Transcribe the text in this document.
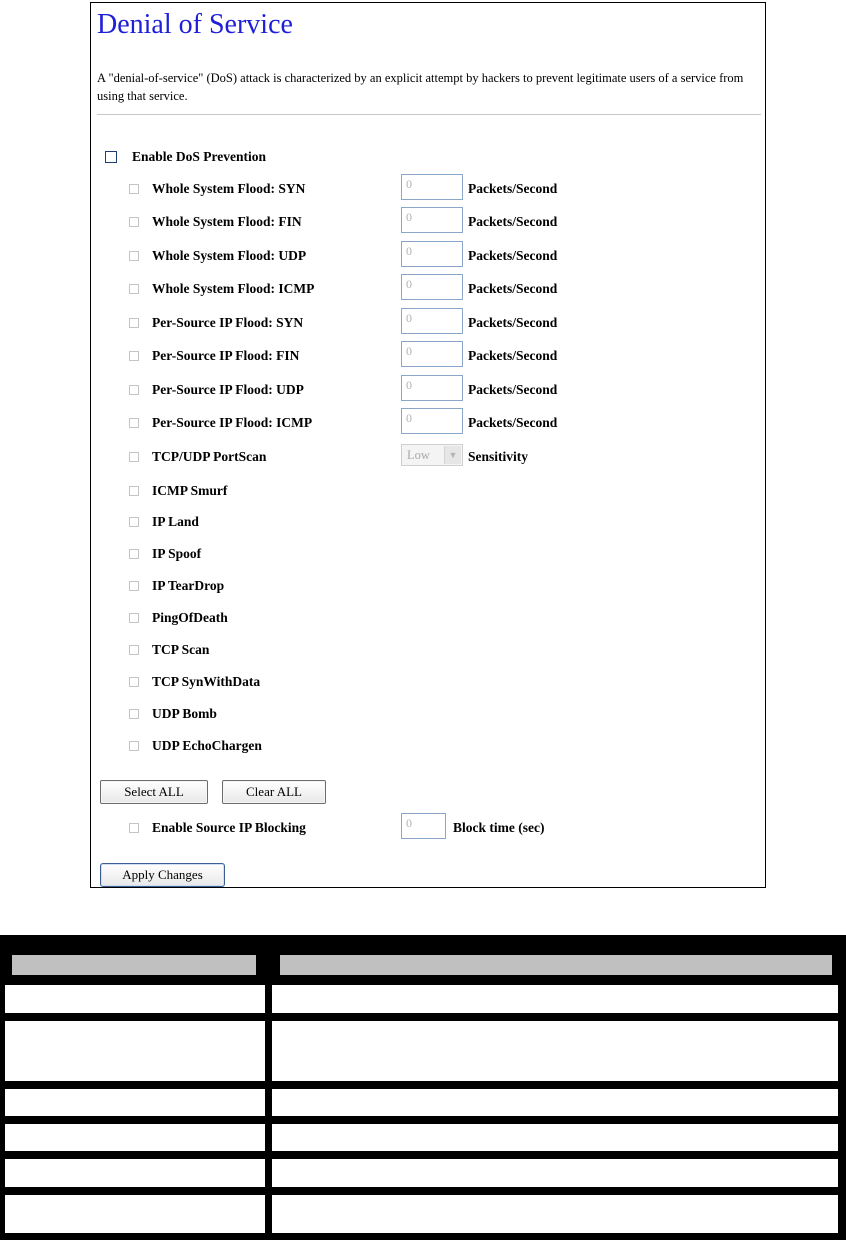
Denial of Service

A "denial-of-service" (DoS) attack is characterized by an explicit attempt by hackers to prevent legitimate users of a service from using that service.

Enable DoS Prevention
Whole System Flood: SYN	0	Packets/Second
Whole System Flood: FIN	0	Packets/Second
Whole System Flood: UDP	0	Packets/Second
Whole System Flood: ICMP	0	Packets/Second
Per-Source IP Flood: SYN	0	Packets/Second
Per-Source IP Flood: FIN	0	Packets/Second
Per-Source IP Flood: UDP	0	Packets/Second
Per-Source IP Flood: ICMP	0	Packets/Second
TCP/UDP PortScan	Low	▼ Sensitivity
ICMP Smurf
IP Land
IP Spoof
IP TearDrop
PingOfDeath
TCP Scan
TCP SynWithData
UDP Bomb
UDP EchoChargen
Select ALL	Clear ALL
Enable Source IP Blocking	0	Block time (sec)
Apply Changes
